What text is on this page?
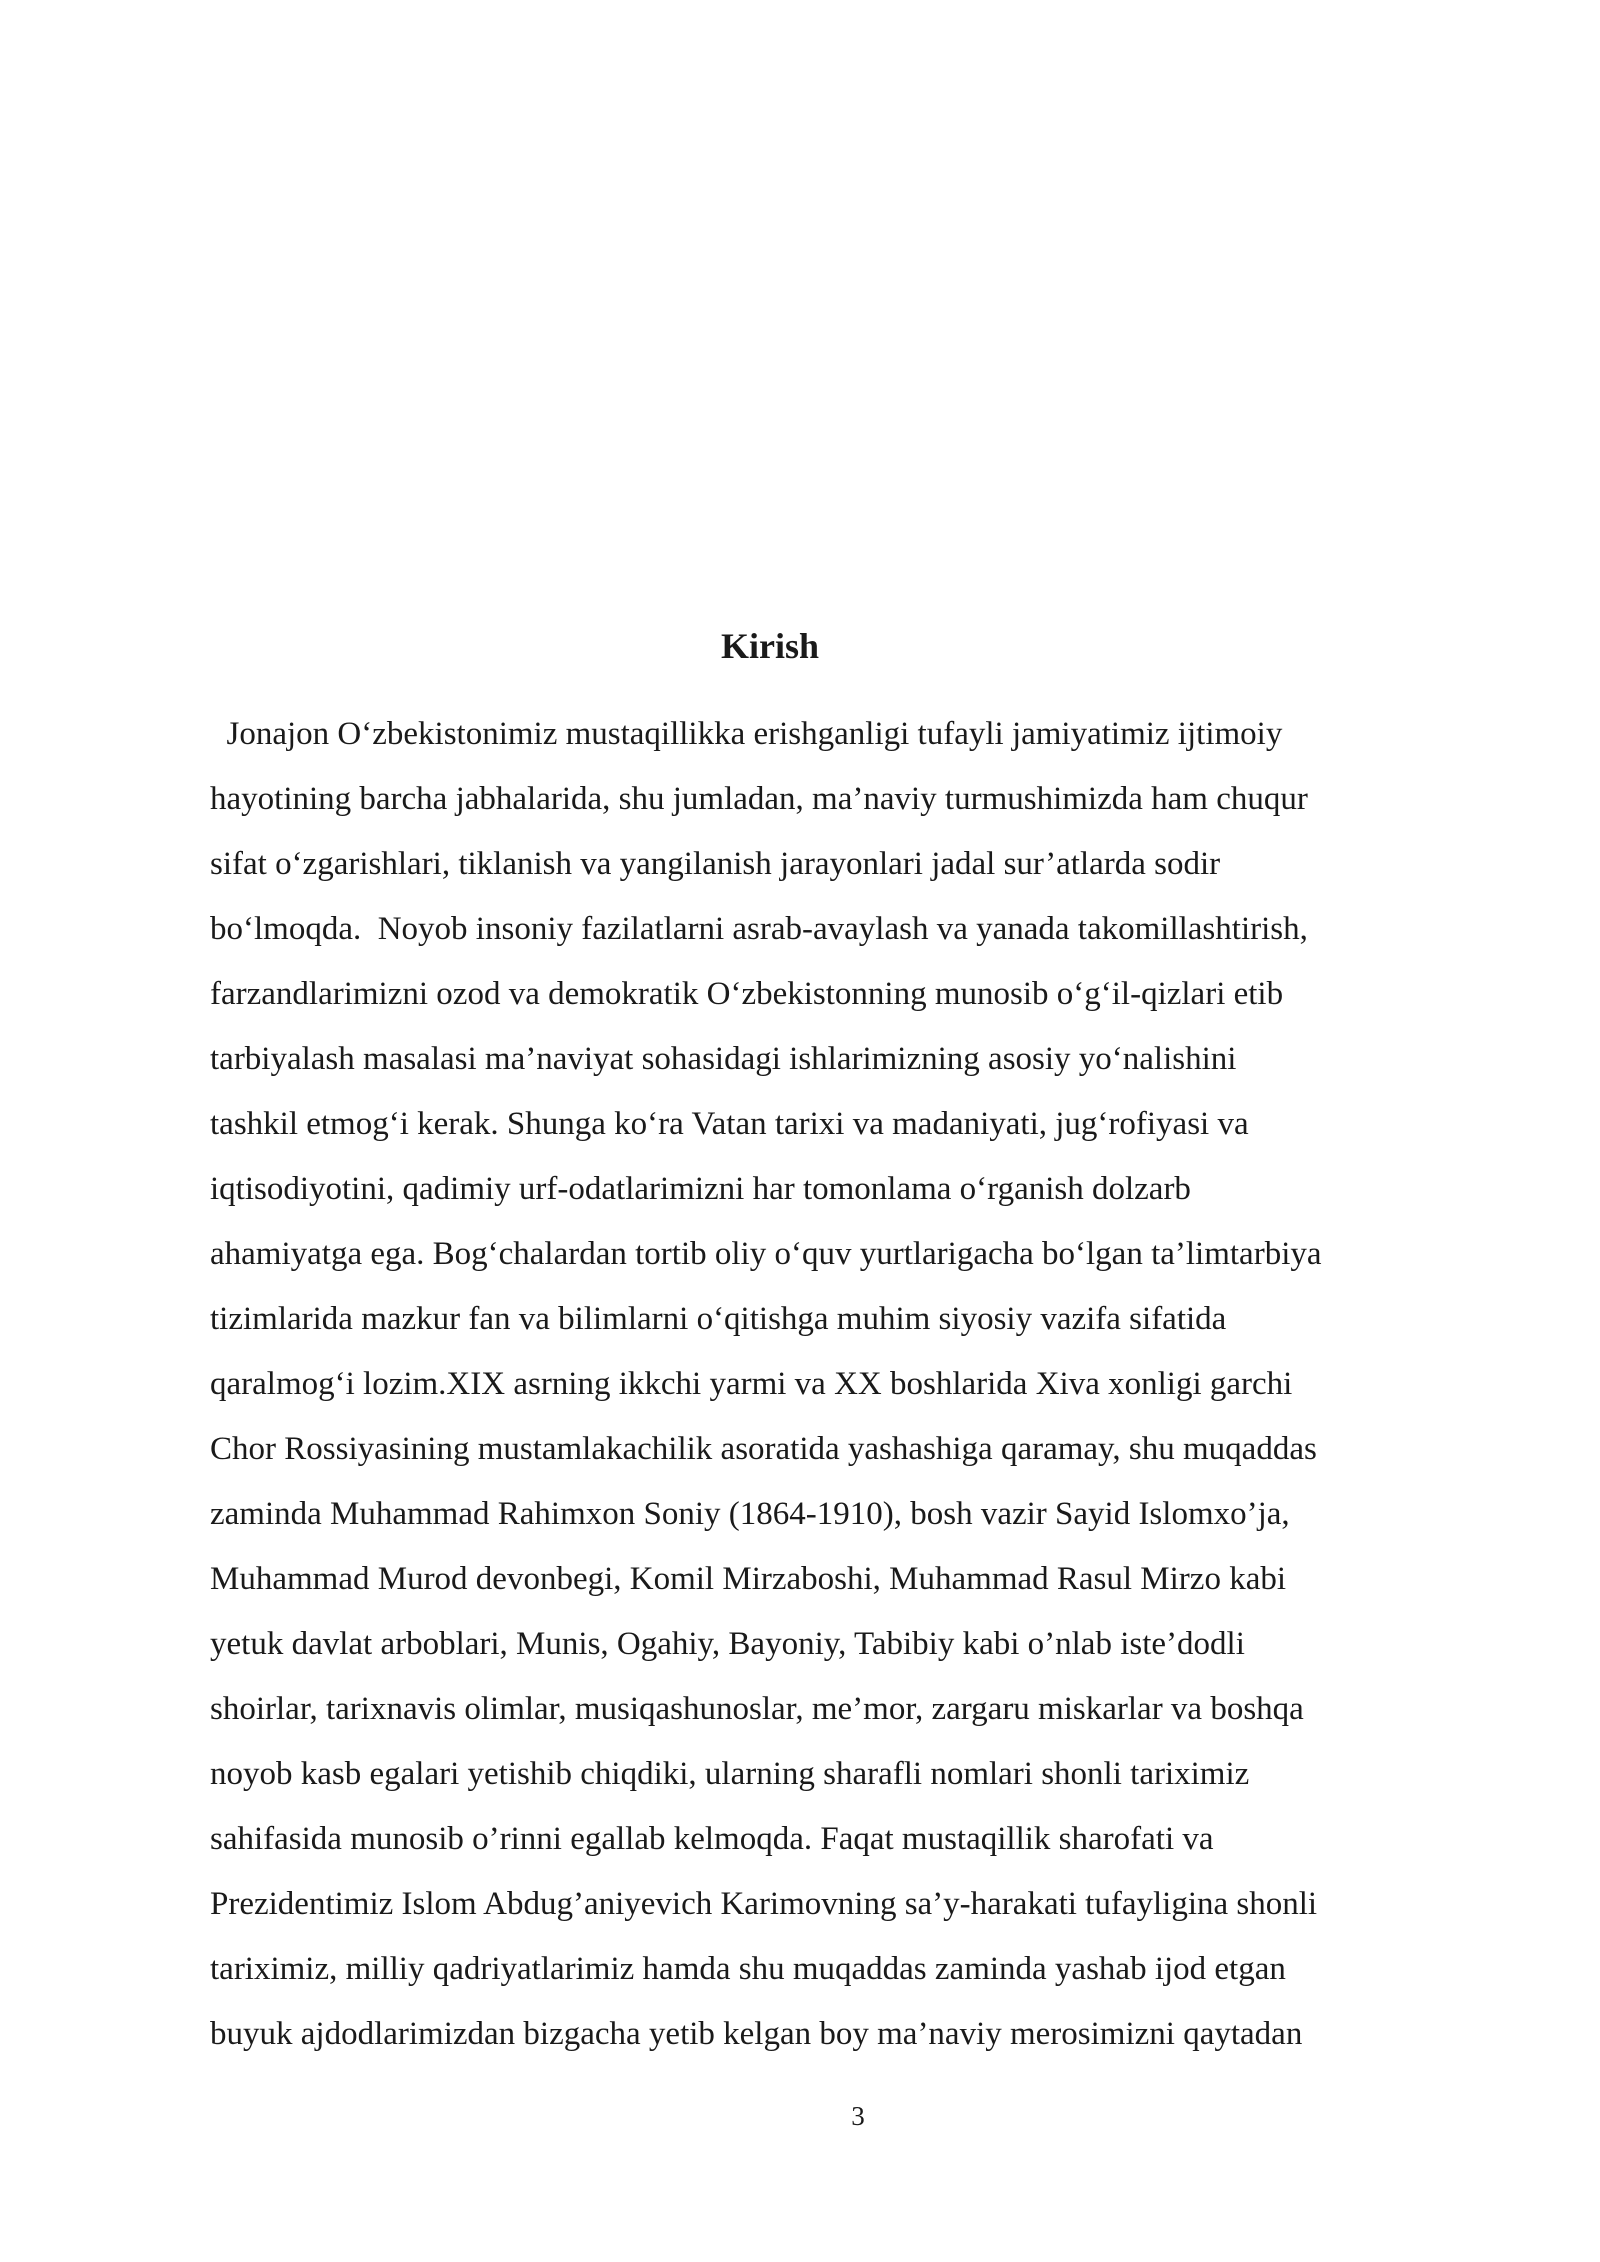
Kirish
Jonajon O‘zbekistonimiz mustaqillikka erishganligi tufayli jamiyatimiz ijtimoiy
hayotining barcha jabhalarida, shu jumladan, ma’naviy turmushimizda ham chuqur
sifat o‘zgarishlari, tiklanish va yangilanish jarayonlari jadal sur’atlarda sodir
bo‘lmoqda.  Noyob insoniy fazilatlarni asrab-avaylash va yanada takomillashtirish,
farzandlarimizni ozod va demokratik O‘zbekistonning munosib o‘g‘il-qizlari etib
tarbiyalash masalasi ma’naviyat sohasidagi ishlarimizning asosiy yo‘nalishini
tashkil etmog‘i kerak. Shunga ko‘ra Vatan tarixi va madaniyati, jug‘rofiyasi va
iqtisodiyotini, qadimiy urf-odatlarimizni har tomonlama o‘rganish dolzarb
ahamiyatga ega. Bog‘chalardan tortib oliy o‘quv yurtlarigacha bo‘lgan ta’limtarbiya
tizimlarida mazkur fan va bilimlarni o‘qitishga muhim siyosiy vazifa sifatida
qaralmog‘i lozim.XIX asrning ikkchi yarmi va XX boshlarida Xiva xonligi garchi
Chor Rossiyasining mustamlakachilik asoratida yashashiga qaramay, shu muqaddas
zaminda Muhammad Rahimxon Soniy (1864-1910), bosh vazir Sayid Islomxo’ja,
Muhammad Murod devonbegi, Komil Mirzaboshi, Muhammad Rasul Mirzo kabi
yetuk davlat arboblari, Munis, Ogahiy, Bayoniy, Tabibiy kabi o’nlab iste’dodli
shoirlar, tarixnavis olimlar, musiqashunoslar, me’mor, zargaru miskarlar va boshqa
noyob kasb egalari yetishib chiqdiki, ularning sharafli nomlari shonli tariximiz
sahifasida munosib o’rinni egallab kelmoqda. Faqat mustaqillik sharofati va
Prezidentimiz Islom Abdug’aniyevich Karimovning sa’y-harakati tufayligina shonli
tariximiz, milliy qadriyatlarimiz hamda shu muqaddas zaminda yashab ijod etgan
buyuk ajdodlarimizdan bizgacha yetib kelgan boy ma’naviy merosimizni qaytadan
3
